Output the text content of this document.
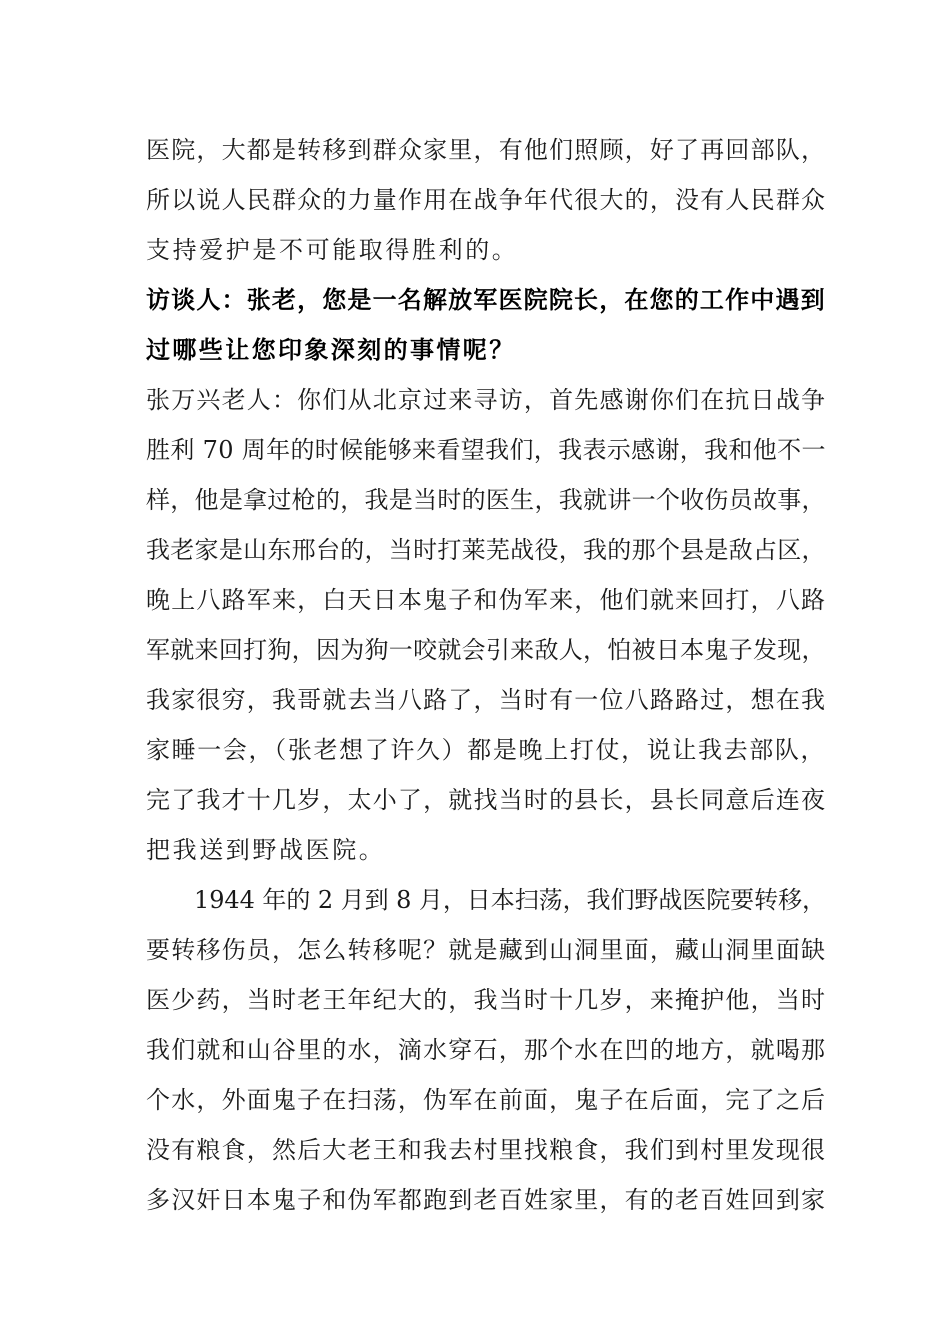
医院，大都是转移到群众家里，有他们照顾，好了再回部队，
所以说人民群众的力量作用在战争年代很大的，没有人民群众
支持爱护是不可能取得胜利的。
访谈人：张老，您是一名解放军医院院长，在您的工作中遇到
过哪些让您印象深刻的事情呢？
张万兴老人：你们从北京过来寻访，首先感谢你们在抗日战争
胜利 70 周年的时候能够来看望我们，我表示感谢，我和他不一
样，他是拿过枪的，我是当时的医生，我就讲一个收伤员故事，
我老家是山东邢台的，当时打莱芜战役，我的那个县是敌占区，
晚上八路军来，白天日本鬼子和伪军来，他们就来回打，八路
军就来回打狗，因为狗一咬就会引来敌人，怕被日本鬼子发现，
我家很穷，我哥就去当八路了，当时有一位八路路过，想在我
家睡一会，（张老想了许久）都是晚上打仗，说让我去部队，
完了我才十几岁，太小了，就找当时的县长，县长同意后连夜
把我送到野战医院。
1944 年的 2 月到 8 月，日本扫荡，我们野战医院要转移，
要转移伤员，怎么转移呢？就是藏到山洞里面，藏山洞里面缺
医少药，当时老王年纪大的，我当时十几岁，来掩护他，当时
我们就和山谷里的水，滴水穿石，那个水在凹的地方，就喝那
个水，外面鬼子在扫荡，伪军在前面，鬼子在后面，完了之后
没有粮食，然后大老王和我去村里找粮食，我们到村里发现很
多汉奸日本鬼子和伪军都跑到老百姓家里，有的老百姓回到家
